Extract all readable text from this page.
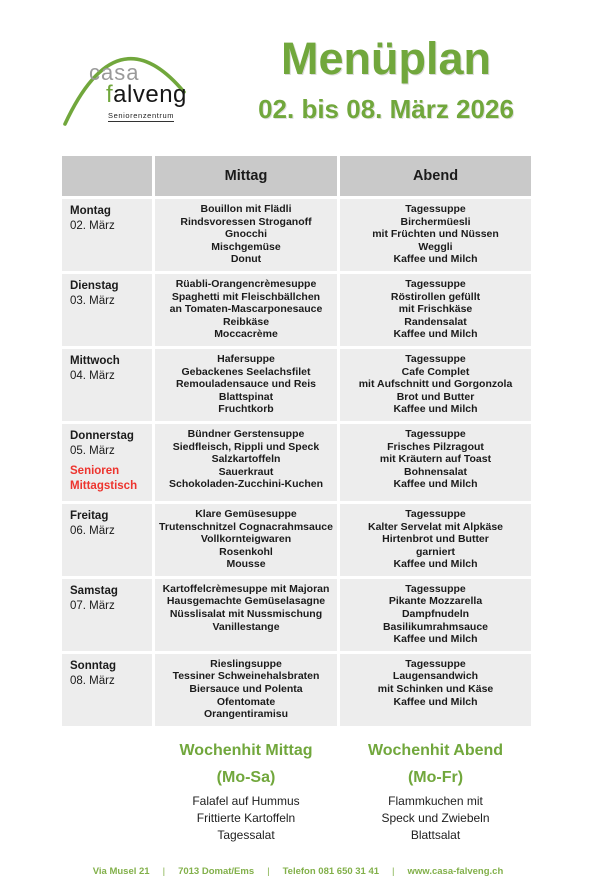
casa
falveng
Seniorenzentrum
Menüplan
02. bis 08. März 2026
Mittag	Abend
Montag
02. März
Bouillon mit Flädli
Rindsvoressen Stroganoff
Gnocchi
Mischgemüse
Donut
Tagessuppe
Birchermüesli
mit Früchten und Nüssen
Weggli
Kaffee und Milch
Dienstag
03. März
Rüabli-Orangencrèmesuppe
Spaghetti mit Fleischbällchen
an Tomaten-Mascarponesauce
Reibkäse
Moccacrème
Tagessuppe
Röstirollen gefüllt
mit Frischkäse
Randensalat
Kaffee und Milch
Mittwoch
04. März
Hafersuppe
Gebackenes Seelachsfilet
Remouladensauce und Reis
Blattspinat
Fruchtkorb
Tagessuppe
Cafe Complet
mit Aufschnitt und Gorgonzola
Brot und Butter
Kaffee und Milch
Donnerstag
05. März
Senioren
Mittagstisch
Bündner Gerstensuppe
Siedfleisch, Rippli und Speck
Salzkartoffeln
Sauerkraut
Schokoladen-Zucchini-Kuchen
Tagessuppe
Frisches Pilzragout
mit Kräutern auf Toast
Bohnensalat
Kaffee und Milch
Freitag
06. März
Klare Gemüsesuppe
Trutenschnitzel Cognacrahmsauce
Vollkornteigwaren
Rosenkohl
Mousse
Tagessuppe
Kalter Servelat mit Alpkäse
Hirtenbrot und Butter
garniert
Kaffee und Milch
Samstag
07. März
Kartoffelcrèmesuppe mit Majoran
Hausgemachte Gemüselasagne
Nüsslisalat mit Nussmischung
Vanillestange
Tagessuppe
Pikante Mozzarella
Dampfnudeln
Basilikumrahmsauce
Kaffee und Milch
Sonntag
08. März
Rieslingsuppe
Tessiner Schweinehalsbraten
Biersauce und Polenta
Ofentomate
Orangentiramisu
Tagessuppe
Laugensandwich
mit Schinken und Käse
Kaffee und Milch
Wochenhit Mittag
(Mo-Sa)
Falafel auf Hummus
Frittierte Kartoffeln
Tagessalat
Wochenhit Abend
(Mo-Fr)
Flammkuchen mit
Speck und Zwiebeln
Blattsalat
Via Musel 21 | 7013 Domat/Ems | Telefon 081 650 31 41 | www.casa-falveng.ch
